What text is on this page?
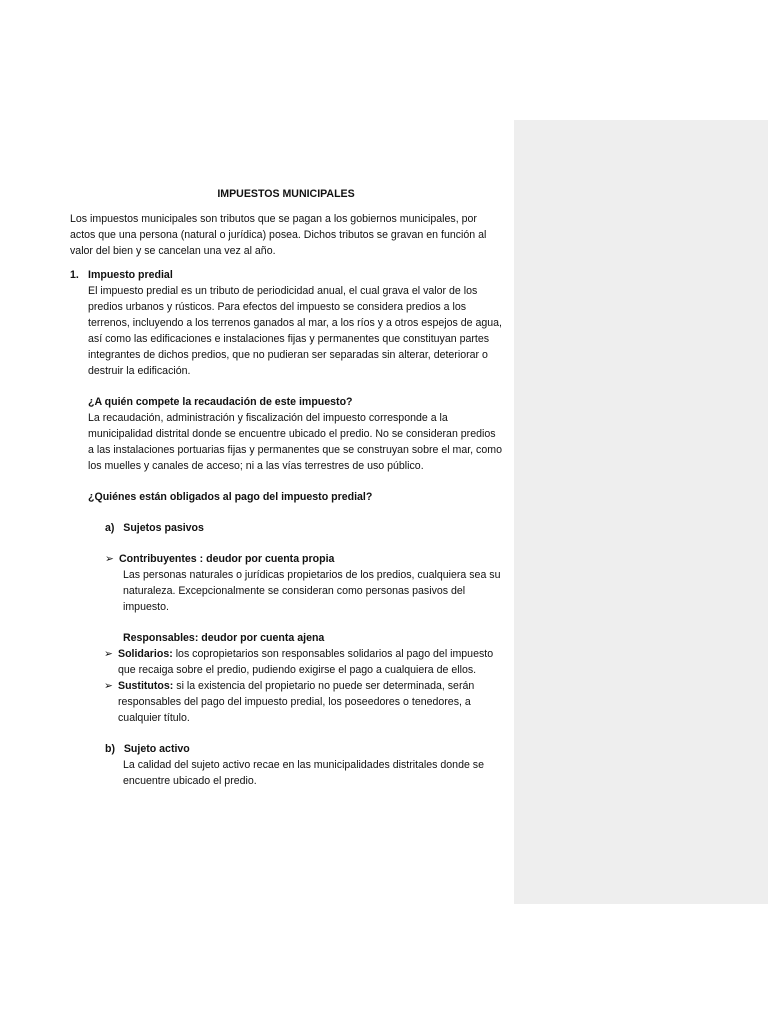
IMPUESTOS MUNICIPALES

Los impuestos municipales son tributos que se pagan a los gobiernos municipales, por actos que una persona (natural o jurídica) posea. Dichos tributos se gravan en función al valor del bien y se cancelan una vez al año.

1. Impuesto predial

El impuesto predial es un tributo de periodicidad anual, el cual grava el valor de los predios urbanos y rústicos. Para efectos del impuesto se considera predios a los terrenos, incluyendo a los terrenos ganados al mar, a los ríos y a otros espejos de agua, así como las edificaciones e instalaciones fijas y permanentes que constituyan partes integrantes de dichos predios, que no pudieran ser separadas sin alterar, deteriorar o destruir la edificación.

¿A quién compete la recaudación de este impuesto?

La recaudación, administración y fiscalización del impuesto corresponde a la municipalidad distrital donde se encuentre ubicado el predio. No se consideran predios a las instalaciones portuarias fijas y permanentes que se construyan sobre el mar, como los muelles y canales de acceso; ni a las vías terrestres de uso público.

¿Quiénes están obligados al pago del impuesto predial?

a) Sujetos pasivos
➢ Contribuyentes : deudor por cuenta propia

Las personas naturales o jurídicas propietarios de los predios, cualquiera sea su naturaleza. Excepcionalmente se consideran como personas pasivos del impuesto.

Responsables: deudor por cuenta ajena

➢ Solidarios: los copropietarios son responsables solidarios al pago del impuesto que recaiga sobre el predio, pudiendo exigirse el pago a cualquiera de ellos.
➢ Sustitutos: si la existencia del propietario no puede ser determinada, serán responsables del pago del impuesto predial, los poseedores o tenedores, a cualquier título.
b) Sujeto activo

La calidad del sujeto activo recae en las municipalidades distritales donde se encuentre ubicado el predio.
